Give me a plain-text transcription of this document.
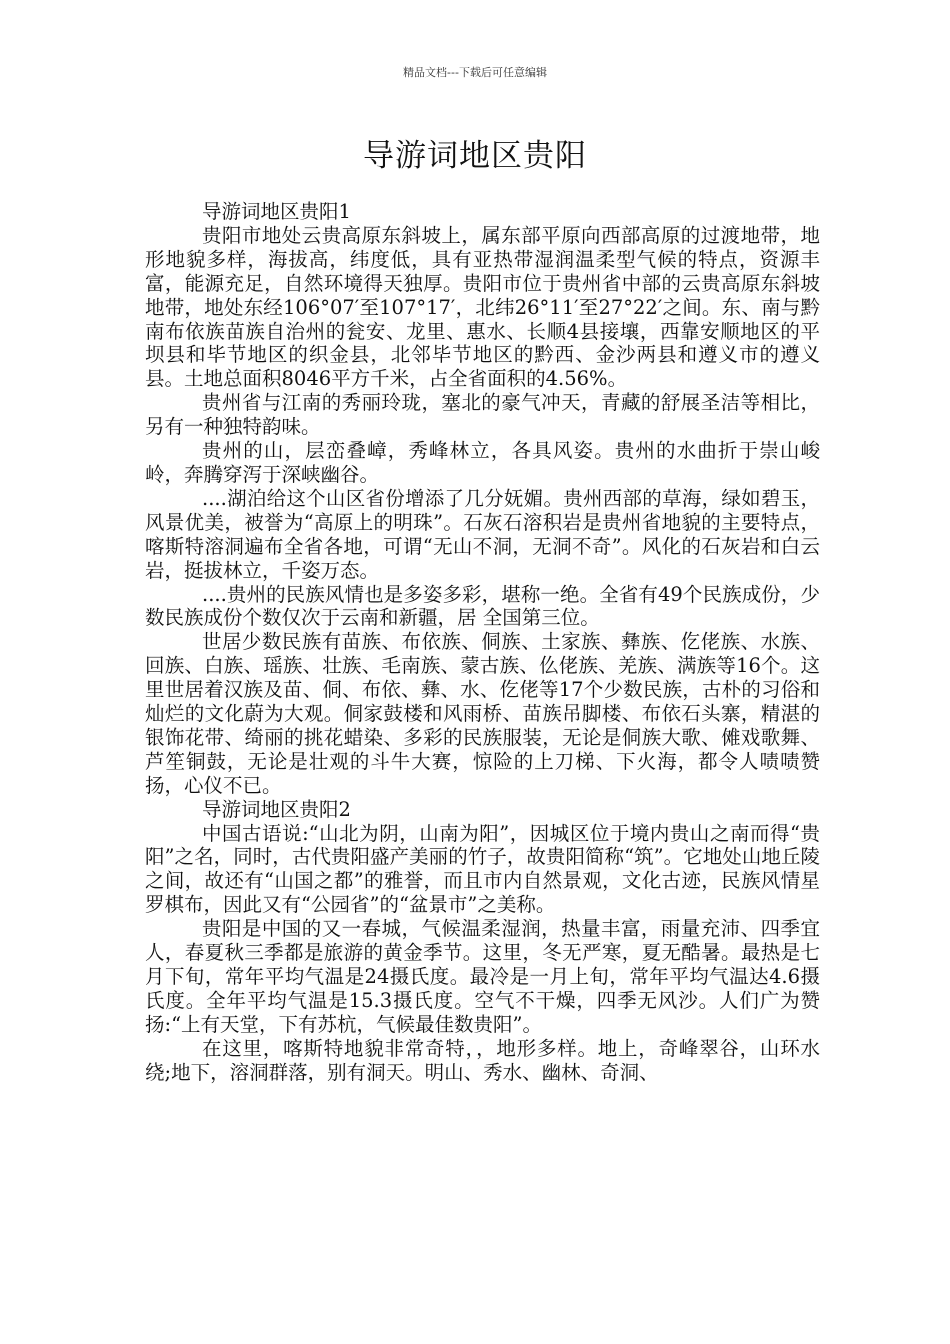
精品文档---下载后可任意编辑
导游词地区贵阳

导游词地区贵阳1

贵阳市地处云贵高原东斜坡上，属东部平原向西部高原的过渡地带，地形地貌多样，海拔高，纬度低，具有亚热带湿润温柔型气候的特点，资源丰富，能源充足，自然环境得天独厚。贵阳市位于贵州省中部的云贵高原东斜坡地带，地处东经106°07′至107°17′，北纬26°11′至27°22′之间。东、南与黔南布依族苗族自治州的瓮安、龙里、惠水、长顺4县接壤，西靠安顺地区的平坝县和毕节地区的织金县，北邻毕节地区的黔西、金沙两县和遵义市的遵义县。土地总面积8046平方千米，占全省面积的4.56%。

贵州省与江南的秀丽玲珑，塞北的豪气冲天，青藏的舒展圣洁等相比，另有一种独特韵味。

贵州的山，层峦叠嶂，秀峰林立，各具风姿。贵州的水曲折于崇山峻岭，奔腾穿泻于深峡幽谷。

....湖泊给这个山区省份增添了几分妩媚。贵州西部的草海，绿如碧玉，风景优美，被誉为“高原上的明珠”。石灰石溶积岩是贵州省地貌的主要特点，喀斯特溶洞遍布全省各地，可谓“无山不洞，无洞不奇”。风化的石灰岩和白云岩，挺拔林立，千姿万态。

....贵州的民族风情也是多姿多彩，堪称一绝。全省有49个民族成份，少数民族成份个数仅次于云南和新疆，居 全国第三位。

世居少数民族有苗族、布依族、侗族、土家族、彝族、仡佬族、水族、回族、白族、瑶族、壮族、毛南族、蒙古族、仫佬族、羌族、满族等16个。这里世居着汉族及苗、侗、布依、彝、水、仡佬等17个少数民族，古朴的习俗和灿烂的文化蔚为大观。侗家鼓楼和风雨桥、苗族吊脚楼、布依石头寨，精湛的银饰花带、绮丽的挑花蜡染、多彩的民族服装，无论是侗族大歌、傩戏歌舞、芦笙铜鼓，无论是壮观的斗牛大赛，惊险的上刀梯、下火海，都令人啧啧赞扬，心仪不已。

导游词地区贵阳2

中国古语说:“山北为阴，山南为阳”，因城区位于境内贵山之南而得“贵阳”之名，同时，古代贵阳盛产美丽的竹子，故贵阳简称“筑”。它地处山地丘陵之间，故还有“山国之都”的雅誉，而且市内自然景观，文化古迹，民族风情星罗棋布，因此又有“公园省”的“盆景市”之美称。

贵阳是中国的又一春城，气候温柔湿润，热量丰富，雨量充沛、四季宜人，春夏秋三季都是旅游的黄金季节。这里，冬无严寒，夏无酷暑。最热是七月下旬，常年平均气温是24摄氏度。最冷是一月上旬，常年平均气温达4.6摄氏度。全年平均气温是15.3摄氏度。空气不干燥，四季无风沙。人们广为赞扬:“上有天堂，下有苏杭，气候最佳数贵阳”。

在这里，喀斯特地貌非常奇特，，地形多样。地上，奇峰翠谷，山环水绕;地下，溶洞群落，别有洞天。明山、秀水、幽林、奇洞、
